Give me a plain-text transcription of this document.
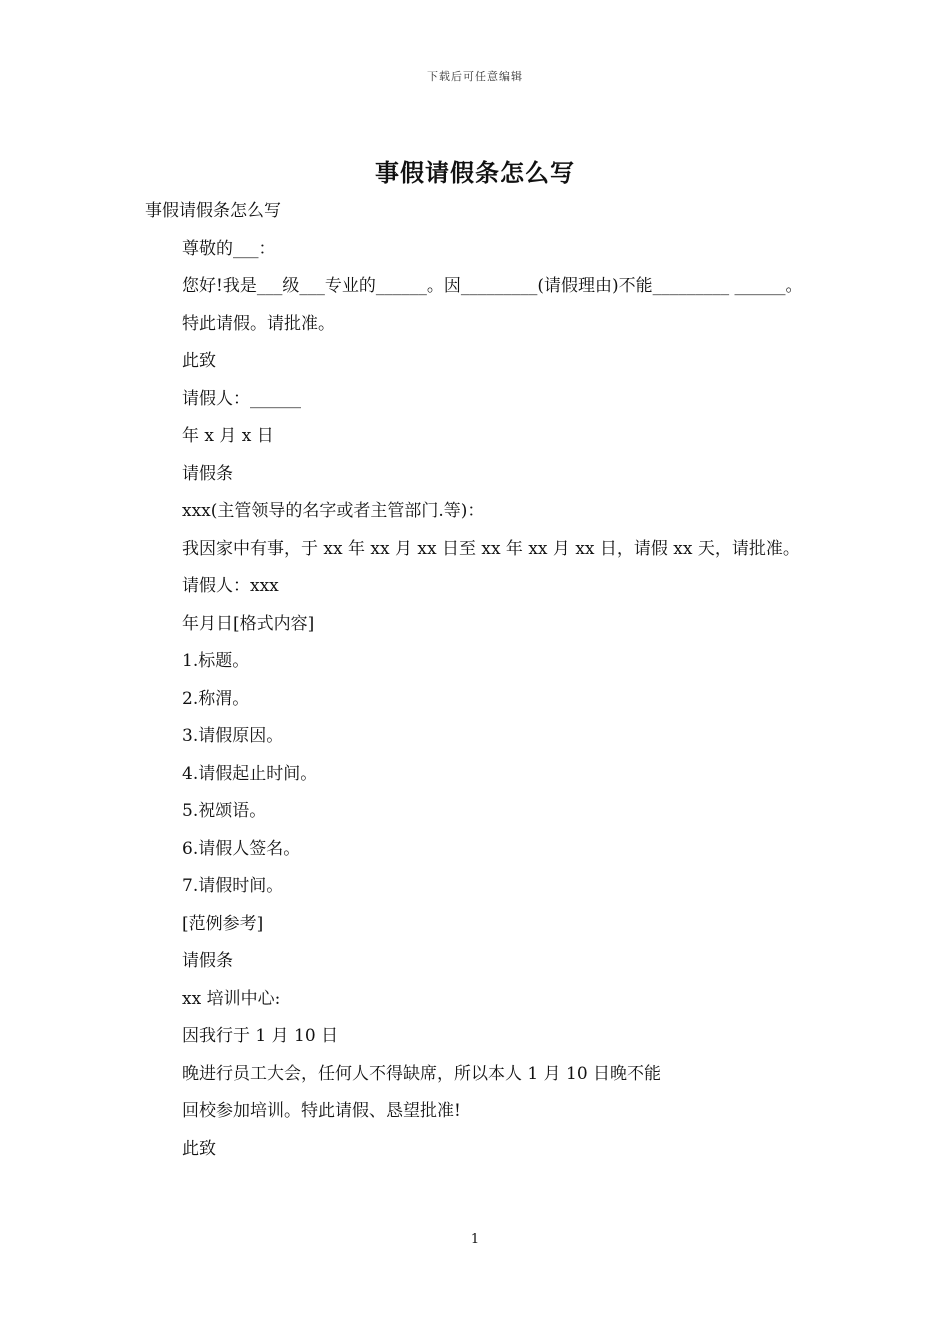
下载后可任意编辑
事假请假条怎么写

事假请假条怎么写

尊敬的___：

您好!我是___级___专业的______。因_________(请假理由)不能_________ ______。特此请假。请批准。

此致

请假人：______

年 x 月 x 日

请假条

xxx(主管领导的名字或者主管部门.等)：

我因家中有事，于 xx 年 xx 月 xx 日至 xx 年 xx 月 xx 日，请假 xx 天，请批准。

请假人：xxx

年月日[格式内容]

1.标题。

2.称渭。

3.请假原因。

4.请假起止时间。

5.祝颂语。

6.请假人签名。

7.请假时间。

[范例参考]

请假条

xx 培训中心:

因我行于 1 月 10 日

晚进行员工大会，任何人不得缺席，所以本人 1 月 10 日晚不能

回校参加培训。特此请假、恳望批准!

此致

1
